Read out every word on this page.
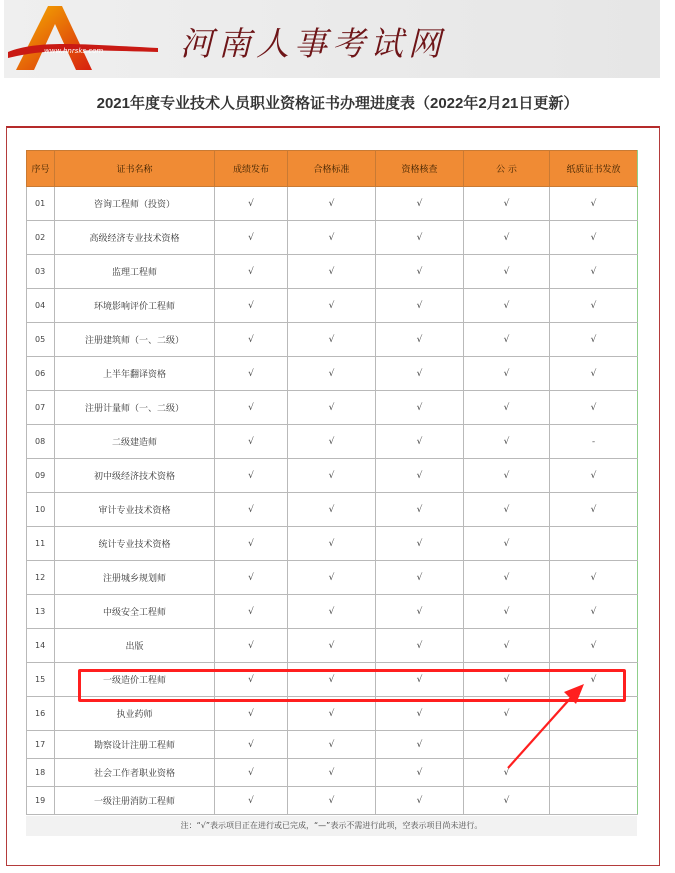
www.hnrsks.com 河南人事考试网
2021年度专业技术人员职业资格证书办理进度表（2022年2月21日更新）
序号	证书名称	成绩发布	合格标准	资格核查	公 示	纸质证书发放
01	咨询工程师（投资）	√	√	√	√	√
02	高级经济专业技术资格	√	√	√	√	√
03	监理工程师	√	√	√	√	√
04	环境影响评价工程师	√	√	√	√	√
05	注册建筑师（一、二级）	√	√	√	√	√
06	上半年翻译资格	√	√	√	√	√
07	注册计量师（一、二级）	√	√	√	√	√
08	二级建造师	√	√	√	√	-
09	初中级经济技术资格	√	√	√	√	√
10	审计专业技术资格	√	√	√	√	√
11	统计专业技术资格	√	√	√	√	
12	注册城乡规划师	√	√	√	√	√
13	中级安全工程师	√	√	√	√	√
14	出版	√	√	√	√	√
15	一级造价工程师	√	√	√	√	√
16	执业药师	√	√	√	√	
17	勘察设计注册工程师	√	√	√		
18	社会工作者职业资格	√	√	√	√	
19	一级注册消防工程师	√	√	√	√	
注：“√”表示项目正在进行或已完成，“—”表示不需进行此项，空表示项目尚未进行。
